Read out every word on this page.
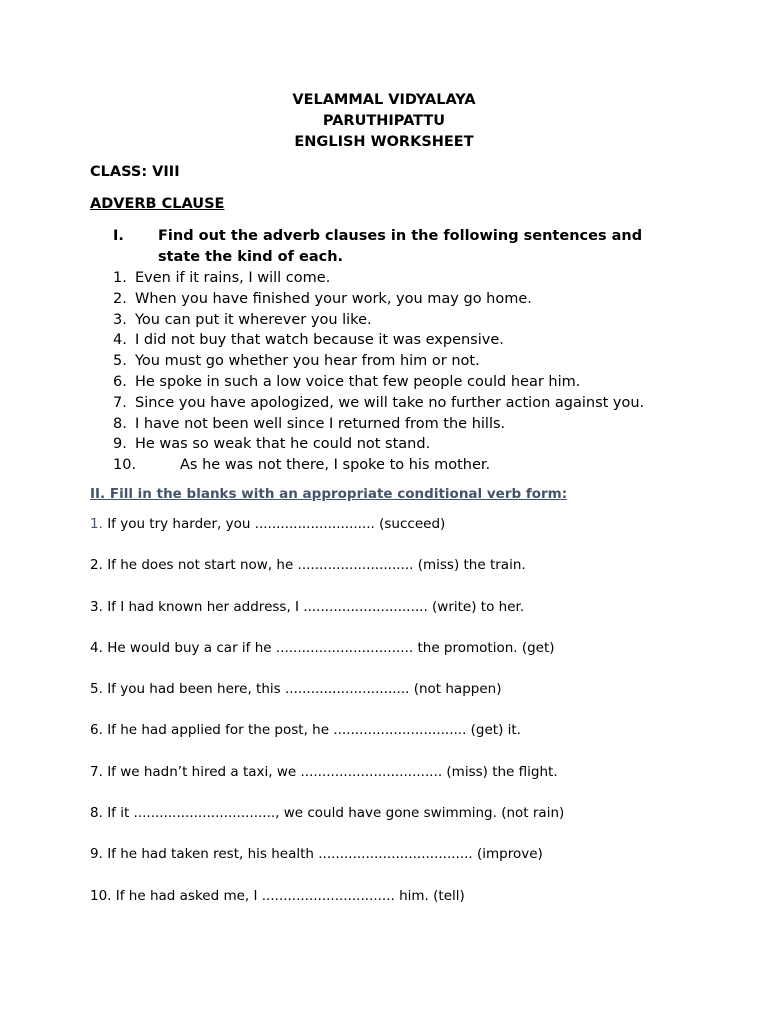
VELAMMAL VIDYALAYA
PARUTHIPATTU
ENGLISH WORKSHEET
CLASS: VIII
ADVERB CLAUSE
I. Find out the adverb clauses in the following sentences and state the kind of each.
1. Even if it rains, I will come.
2. When you have finished your work, you may go home.
3. You can put it wherever you like.
4. I did not buy that watch because it was expensive.
5. You must go whether you hear from him or not.
6. He spoke in such a low voice that few people could hear him.
7. Since you have apologized, we will take no further action against you.
8. I have not been well since I returned from the hills.
9. He was so weak that he could not stand.
10.	As he was not there, I spoke to his mother.
II. Fill in the blanks with an appropriate conditional verb form:
1. If you try harder, you ............................ (succeed)
2. If he does not start now, he ........................... (miss) the train.
3. If I had known her address, I ............................. (write) to her.
4. He would buy a car if he ................................ the promotion. (get)
5. If you had been here, this ............................. (not happen)
6. If he had applied for the post, he ............................... (get) it.
7. If we hadn’t hired a taxi, we ................................. (miss) the flight.
8. If it ................................., we could have gone swimming. (not rain)
9. If he had taken rest, his health .................................... (improve)
10. If he had asked me, I ............................... him. (tell)
